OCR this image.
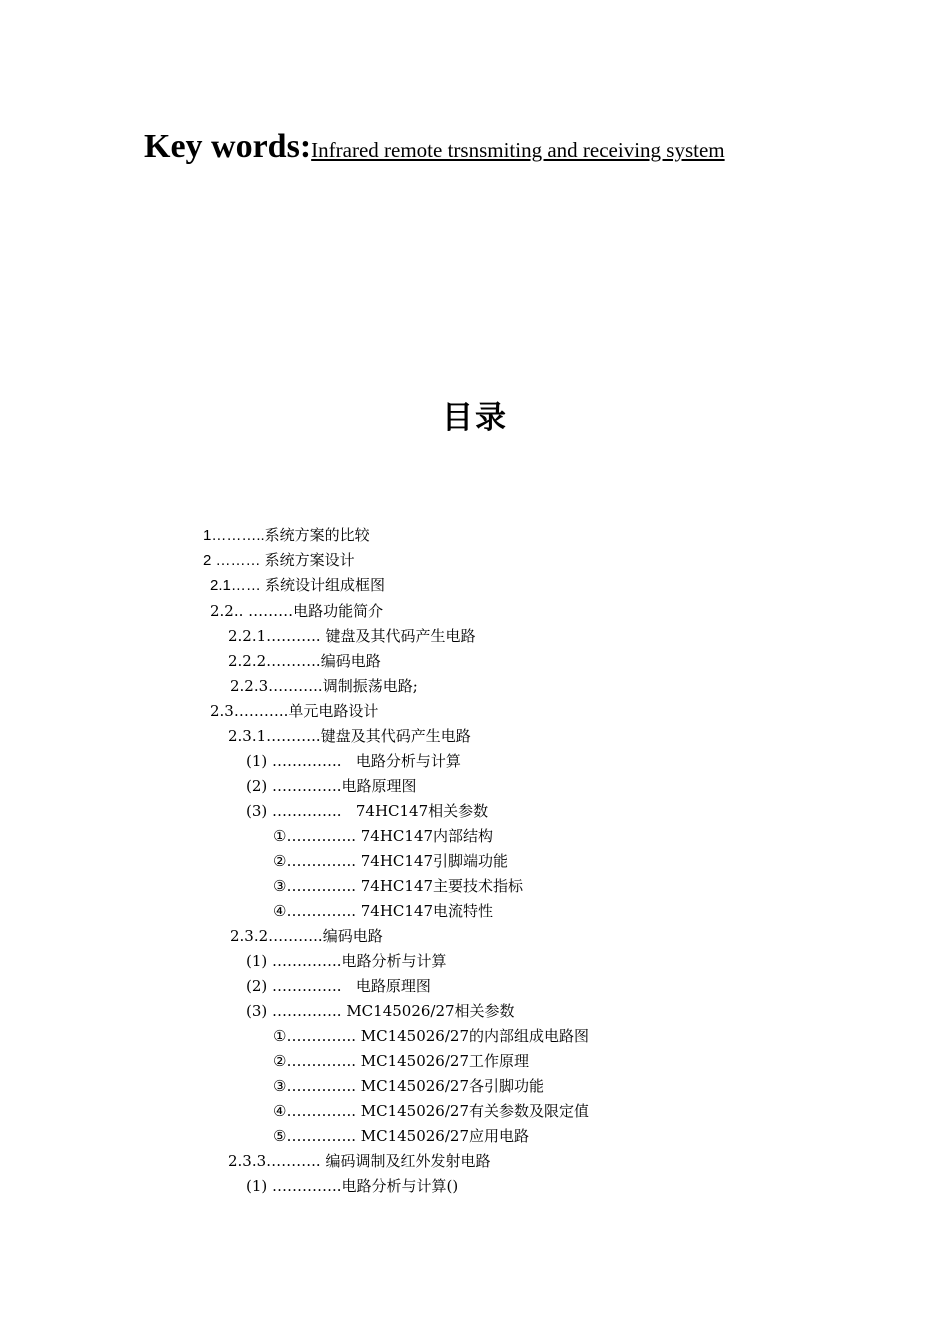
Key words:Infrared remote trsnsmiting and receiving system
目录
1………..系统方案的比较
2 ……… 系统方案设计
2.1…… 系统设计组成框图
2.2.. ………电路功能简介
2.2.1……….. 键盘及其代码产生电路
2.2.2………..编码电路
2.2.3………..调制振荡电路;
2.3………..单元电路设计
2.3.1………..键盘及其代码产生电路
(1) …………..   电路分析与计算
(2) …………..电路原理图
(3) …………..   74HC147相关参数
①………….. 74HC147内部结构
②………….. 74HC147引脚端功能
③………….. 74HC147主要技术指标
④………….. 74HC147电流特性
2.3.2………..编码电路
(1) …………..电路分析与计算
(2) …………..   电路原理图
(3) ………….. MC145026/27相关参数
①………….. MC145026/27的内部组成电路图
②………….. MC145026/27工作原理
③………….. MC145026/27各引脚功能
④………….. MC145026/27有关参数及限定值
⑤………….. MC145026/27应用电路
2.3.3……….. 编码调制及红外发射电路
(1) …………..电路分析与计算()
